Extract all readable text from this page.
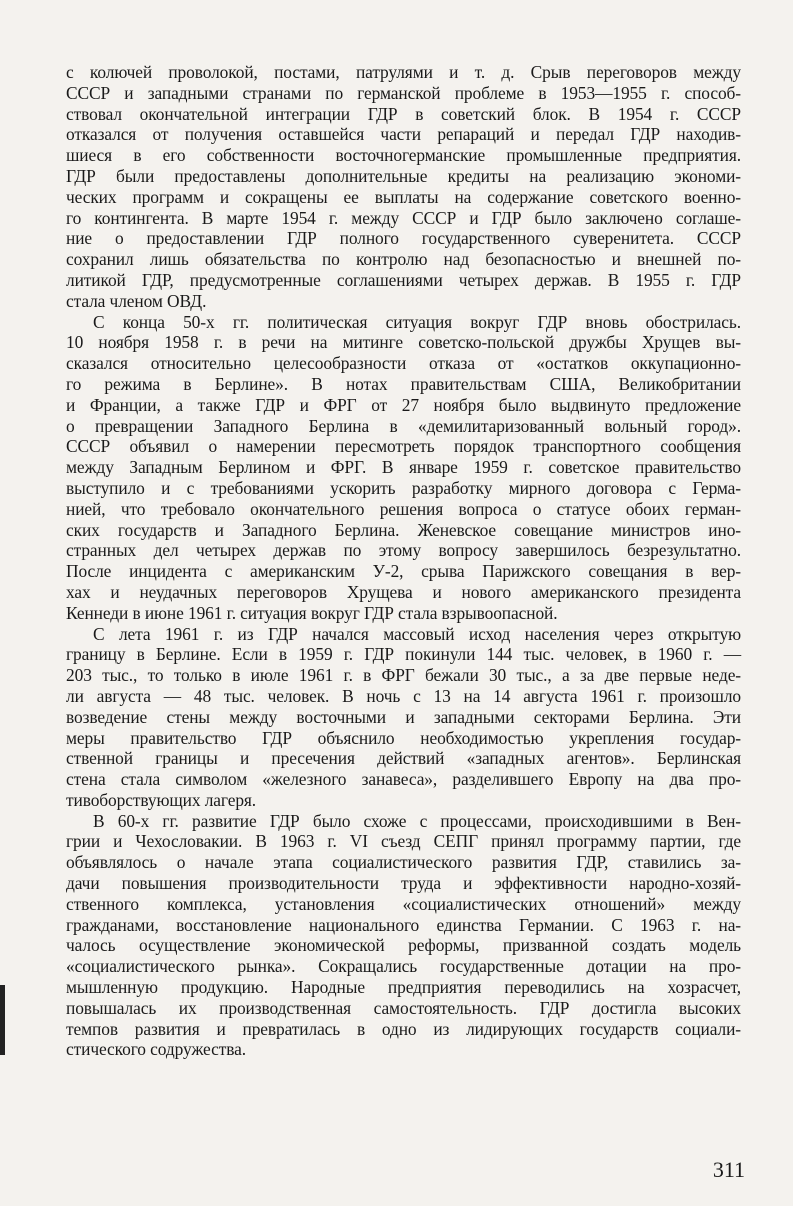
с колючей проволокой, постами, патрулями и т. д. Срыв переговоров между
СССР и западными странами по германской проблеме в 1953—1955 г. способ-
ствовал окончательной интеграции ГДР в советский блок. В 1954 г. СССР
отказался от получения оставшейся части репараций и передал ГДР находив-
шиеся в его собственности восточногерманские промышленные предприятия.
ГДР были предоставлены дополнительные кредиты на реализацию экономи-
ческих программ и сокращены ее выплаты на содержание советского военно-
го контингента. В марте 1954 г. между СССР и ГДР было заключено соглаше-
ние о предоставлении ГДР полного государственного суверенитета. СССР
сохранил лишь обязательства по контролю над безопасностью и внешней по-
литикой ГДР, предусмотренные соглашениями четырех держав. В 1955 г. ГДР
стала членом ОВД.
С конца 50-х гг. политическая ситуация вокруг ГДР вновь обострилась.
10 ноября 1958 г. в речи на митинге советско-польской дружбы Хрущев вы-
сказался относительно целесообразности отказа от «остатков оккупационно-
го режима в Берлине». В нотах правительствам США, Великобритании
и Франции, а также ГДР и ФРГ от 27 ноября было выдвинуто предложение
о превращении Западного Берлина в «демилитаризованный вольный город».
СССР объявил о намерении пересмотреть порядок транспортного сообщения
между Западным Берлином и ФРГ. В январе 1959 г. советское правительство
выступило и с требованиями ускорить разработку мирного договора с Герма-
нией, что требовало окончательного решения вопроса о статусе обоих герман-
ских государств и Западного Берлина. Женевское совещание министров ино-
странных дел четырех держав по этому вопросу завершилось безрезультатно.
После инцидента с американским У-2, срыва Парижского совещания в вер-
хах и неудачных переговоров Хрущева и нового американского президента
Кеннеди в июне 1961 г. ситуация вокруг ГДР стала взрывоопасной.
С лета 1961 г. из ГДР начался массовый исход населения через открытую
границу в Берлине. Если в 1959 г. ГДР покинули 144 тыс. человек, в 1960 г. —
203 тыс., то только в июле 1961 г. в ФРГ бежали 30 тыс., а за две первые неде-
ли августа — 48 тыс. человек. В ночь с 13 на 14 августа 1961 г. произошло
возведение стены между восточными и западными секторами Берлина. Эти
меры правительство ГДР объяснило необходимостью укрепления государ-
ственной границы и пресечения действий «западных агентов». Берлинская
стена стала символом «железного занавеса», разделившего Европу на два про-
тивоборствующих лагеря.
В 60-х гг. развитие ГДР было схоже с процессами, происходившими в Вен-
грии и Чехословакии. В 1963 г. VI съезд СЕПГ принял программу партии, где
объявлялось о начале этапа социалистического развития ГДР, ставились за-
дачи повышения производительности труда и эффективности народно-хозяй-
ственного комплекса, установления «социалистических отношений» между
гражданами, восстановление национального единства Германии. С 1963 г. на-
чалось осуществление экономической реформы, призванной создать модель
«социалистического рынка». Сокращались государственные дотации на про-
мышленную продукцию. Народные предприятия переводились на хозрасчет,
повышалась их производственная самостоятельность. ГДР достигла высоких
темпов развития и превратилась в одно из лидирующих государств социали-
стического содружества.
311
